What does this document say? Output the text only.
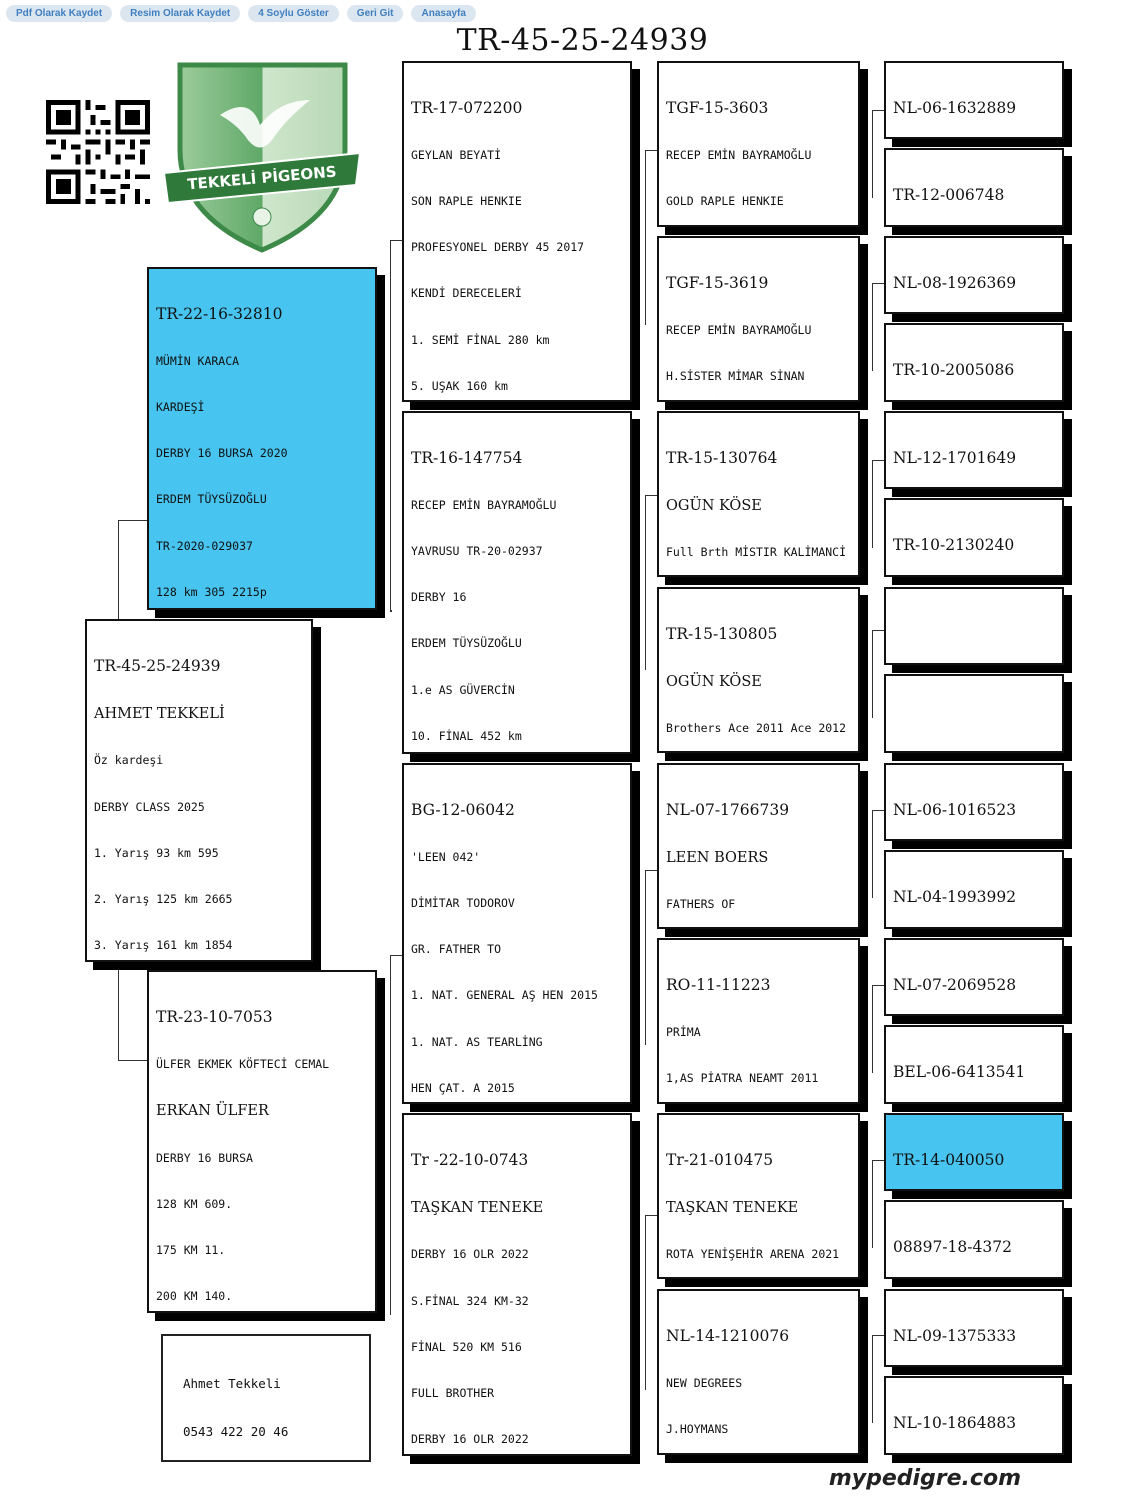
Pdf Olarak Kaydet	Resim Olarak Kaydet	4 Soylu Göster	Geri Git	Anasayfa
TR-45-25-24939
TEKKELİ PİGEONS

TR-22-16-32810

MÜMİN KARACA

KARDEŞİ

DERBY 16 BURSA 2020

ERDEM TÜYSÜZOĞLU

TR-2020-029037

128 km 305 2215p

TR-45-25-24939

AHMET TEKKELİ

Öz kardeşi

DERBY CLASS 2025

1. Yarış 93 km 595

2. Yarış 125 km 2665

3. Yarış 161 km 1854

TR-23-10-7053

ÜLFER EKMEK KÖFTECİ CEMAL

ERKAN ÜLFER

DERBY 16 BURSA

128 KM 609.

175 KM 11.

200 KM 140.

Ahmet Tekkeli

0543 422 20 46

TR-17-072200

GEYLAN BEYATİ

SON RAPLE HENKIE

PROFESYONEL DERBY 45 2017

KENDİ DERECELERİ

1. SEMİ FİNAL 280 km

5. UŞAK 160 km

TR-16-147754

RECEP EMİN BAYRAMOĞLU

YAVRUSU TR-20-02937

DERBY 16

ERDEM TÜYSÜZOĞLU

1.e AS GÜVERCİN

10. FİNAL 452 km

BG-12-06042

'LEEN 042'

DİMİTAR TODOROV

GR. FATHER TO

1. NAT. GENERAL AŞ HEN 2015

1. NAT. AS TEARLİNG

HEN ÇAT. A 2015

Tr -22-10-0743

TAŞKAN TENEKE

DERBY 16 OLR 2022

S.FİNAL 324 KM-32

FİNAL 520 KM 516

FULL BROTHER

DERBY 16 OLR 2022

TGF-15-3603

RECEP EMİN BAYRAMOĞLU

GOLD RAPLE HENKIE

TGF-15-3619

RECEP EMİN BAYRAMOĞLU

H.SİSTER MİMAR SİNAN

TR-15-130764

OGÜN KÖSE

Full Brth MİSTIR KALİMANCİ

TR-15-130805

OGÜN KÖSE

Brothers Ace 2011 Ace 2012

NL-07-1766739

LEEN BOERS

FATHERS OF

RO-11-11223

PRİMA

1,AS PİATRA NEAMT 2011

Tr-21-010475

TAŞKAN TENEKE

ROTA YENİŞEHİR ARENA 2021

NL-14-1210076

NEW DEGREES

J.HOYMANS

NL-06-1632889

TR-12-006748

NL-08-1926369

TR-10-2005086

NL-12-1701649

TR-10-2130240

NL-06-1016523

NL-04-1993992

NL-07-2069528

BEL-06-6413541

TR-14-040050

08897-18-4372

NL-09-1375333

NL-10-1864883

mypedigre.com
